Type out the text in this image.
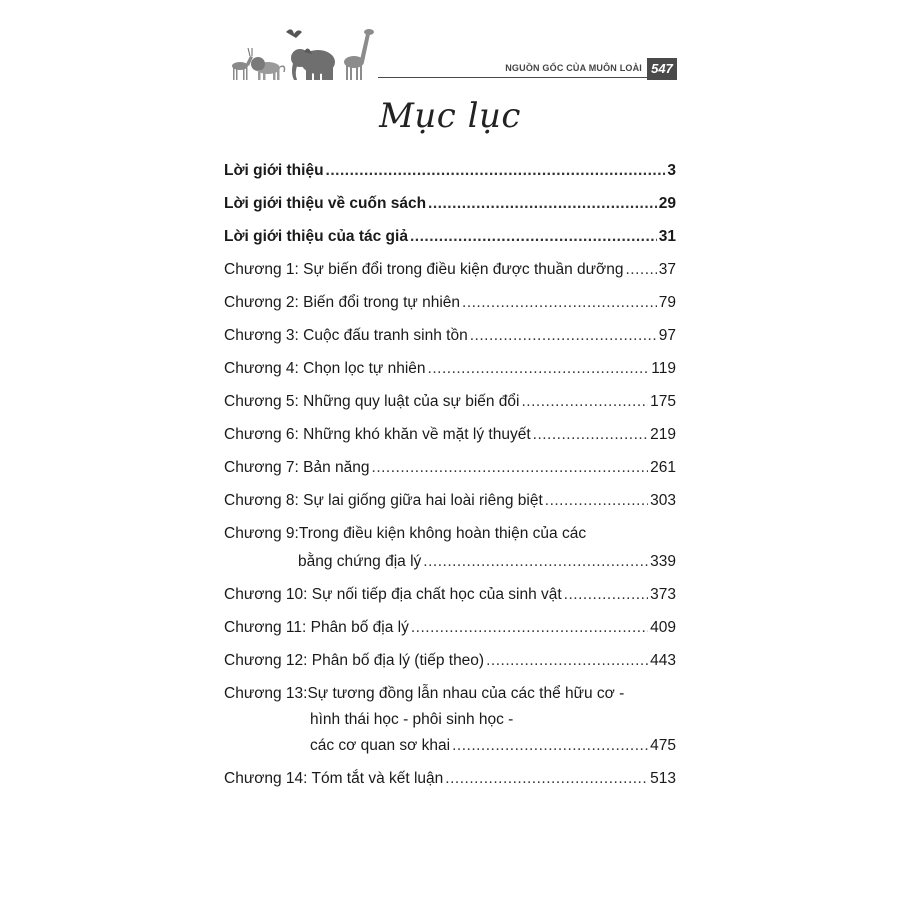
NGUỒN GỐC CỦA MUÔN LOÀI 547
Mục lục
Lời giới thiệu .....	3
Lời giới thiệu về cuốn sách .....	29
Lời giới thiệu của tác giả .....	31
Chương 1: Sự biến đổi trong điều kiện được thuần dưỡng ..... 37
Chương 2: Biến đổi trong tự nhiên .....	79
Chương 3: Cuộc đấu tranh sinh tồn .....	97
Chương 4: Chọn lọc tự nhiên .....	119
Chương 5: Những quy luật của sự biến đổi .....	175
Chương 6: Những khó khăn về mặt lý thuyết .....	219
Chương 7: Bản năng .....	261
Chương 8: Sự lai giống giữa hai loài riêng biệt .....	303
Chương 9: Trong điều kiện không hoàn thiện của các
bằng chứng địa lý .....	339
Chương 10: Sự nối tiếp địa chất học của sinh vật .....	373
Chương 11: Phân bố địa lý .....	409
Chương 12: Phân bố địa lý (tiếp theo) .....	443
Chương 13: Sự tương đồng lẫn nhau của các thể hữu cơ -
hình thái học - phôi sinh học -
các cơ quan sơ khai .....	475
Chương 14: Tóm tắt và kết luận .....	513
